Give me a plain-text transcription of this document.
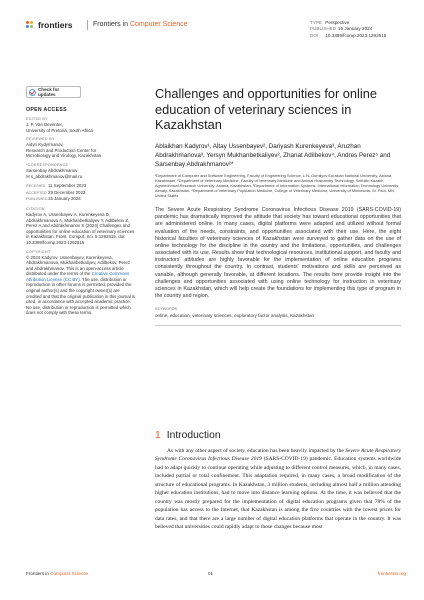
frontiers	Frontiers in Computer Science	TYPE Perspective
PUBLISHED 15 January 2024
DOI 10.3389/fcomp.2023.1292515
Check for updates
OPEN ACCESS
EDITED BY
J. P. Van Deventer,
University of Pretoria, South Africa
REVIEWED BY
Aidyn Kydyrmanov,
Research and Production Center for
Microbiology and Virology, Kazakhstan
*CORRESPONDENCE
Sarsenbay Abdrakhmanov
✉ s_abdrakhmanov@mail.ru
RECEIVED 11 September 2023
ACCEPTED29 December 2023
PUBLISHED15 January 2024
CITATION
Kadyrov A, Ussenbayev A, Kurenkeyeva D, Abdrakhmanova A, Mukhanbetkaliyev Y, Adilbekov Z, Perez A and Abdrakhmanov S (2024) Challenges and opportunities for online education of veterinary sciences in Kazakhstan. Front. Comput. Sci. 5:1292515. doi: 10.3389/fcomp.2023.1292515
COPYRIGHT
© 2024 Kadyrov, Ussenbayev, Kurenkeyeva, Abdrakhmanova, Mukhanbetkaliyev, Adilbekov, Perez and Abdrakhmanov. This is an open-access article distributed under the terms of the Creative Commons Attribution License (CC BY). The use, distribution or reproduction in other forums is permitted, provided the original author(s) and the copyright owner(s) are credited and that the original publication in this journal is cited, in accordance with accepted academic practice. No use, distribution or reproduction is permitted which does not comply with these terms.
Challenges and opportunities for online education of veterinary sciences in Kazakhstan
Ablaikhan Kadyrov¹, Altay Ussenbayev², Dariyash Kurenkeyeva³, Aruzhan Abdrakhmanova³, Yersyn Mukhanbetkaliyev², Zhanat Adilbekov⁴, Andres Perez⁵ and Sarsenbay Abdrakhmanov²*
¹Department of Computer and Software Engineering, Faculty of Engineering Science, L.N. Gumilyov Eurasian National University, Astana, Kazakhstan, ²Department of Veterinary Medicine, Faculty of Veterinary Medicine and Animal Husbandry Technology, Seifullin Kazakh Agrotechnical Research University, Astana, Kazakhstan, ³Department of Information Systems, International Information Technology University, Almaty, Kazakhstan, ⁴Department of Veterinary Population Medicine, College of Veterinary Medicine, University of Minnesota, St. Paul, MN, United States
The Severe Acute Respiratory Syndrome Coronavirus Infectious Disease 2019 (SARS-COVID-19) pandemic has dramatically improved the attitude that society has toward educational opportunities that are administered online. In many cases, digital platforms were adapted and utilized without formal evaluation of the needs, constraints, and opportunities associated with their use. Here, the eight historical faculties of veterinary sciences of Kazakhstan were surveyed to gather data on the use of online technology for the discipline in the country and the limitations, opportunities, and challenges associated with its use. Results show that technological resources, institutional support, and faculty and instructors' attitudes are highly favorable for the implementation of online education programs consistently throughout the country. In contrast, students' motivations and skills are perceived as variable, although generally favorable, at different locations. The results here provide insight into the challenges and opportunities associated with using online technology for instruction in veterinary sciences in Kazakhstan, which will help create the foundations for implementing this type of program in the country and region.
KEYWORDS
online, education, veterinary sciences, exploratory factor analysis, Kazakhstan
1 Introduction

As with any other aspect of society, education has been heavily impacted by the Severe Acute Respiratory Syndrome Coronavirus Infectious Disease 2019 (SARS-COVID-19) pandemic. Education systems worldwide had to adapt quickly to continue operating while adjusting to different control measures, which, in many cases, included partial or total confinement. This adaptation required, in many cases, a broad modification of the structure of educational programs. In Kazakhstan, 3 million students, including almost half a million attending higher education institutions, had to move into distance learning options. At the time, it was believed that the country was mostly prepared for the implementation of digital education programs given that 78% of the population has access to the Internet, that Kazakhstan is among the five countries with the lowest prices for data rates, and that there are a large number of digital education platforms that operate in the country. It was believed that universities could rapidly adapt to those changes because most

Frontiers in Computer Science	01	frontiersin.org
